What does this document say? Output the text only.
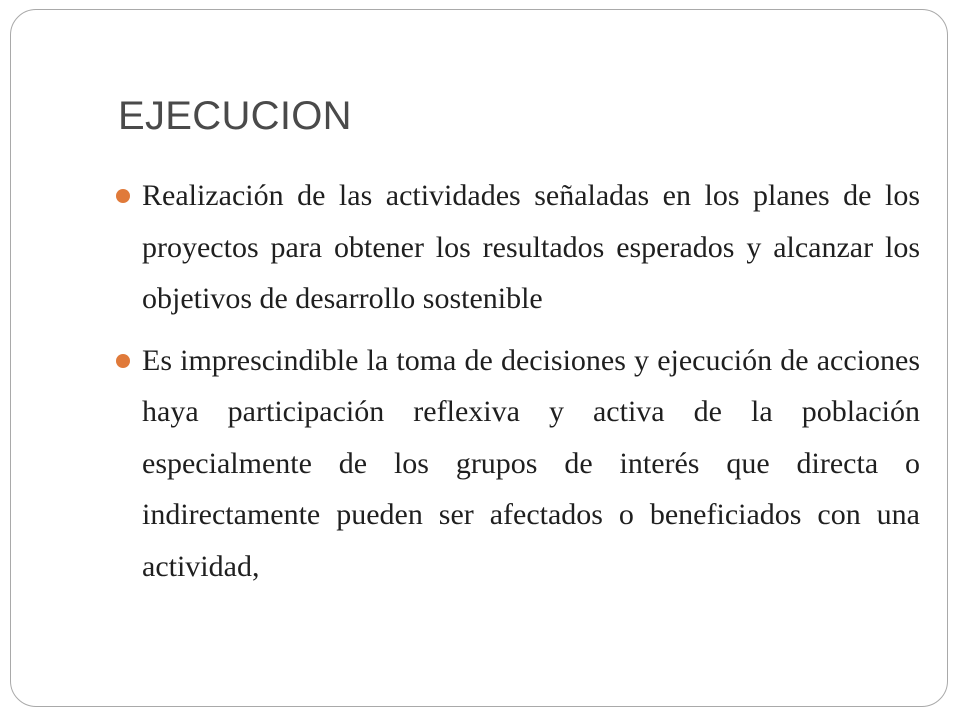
EJECUCION
Realización de las actividades señaladas en los planes de los proyectos para obtener los resultados esperados y alcanzar los objetivos de desarrollo sostenible
Es imprescindible la toma de decisiones y ejecución de acciones haya participación reflexiva y activa de la población especialmente de los grupos de interés que directa o indirectamente pueden ser afectados o beneficiados con una actividad,
